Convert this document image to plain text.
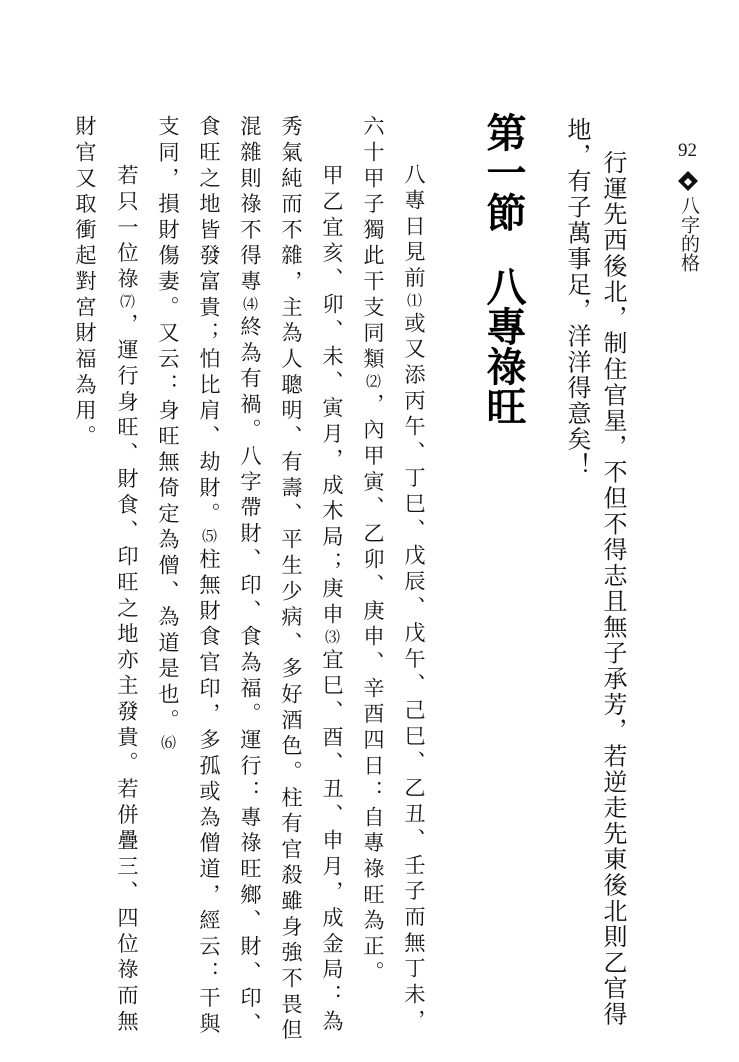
92
八字的格
行運先西後北，制住官星，不但不得志且無子承芳，若逆走先東後北則乙官得
地，有子萬事足，洋洋得意矣！
第一節八專祿旺
八專日見前⑴或又添丙午、丁巳、戊辰、戊午、己巳、乙丑、壬子而無丁未，
六十甲子獨此干支同類⑵，內甲寅、乙卯、庚申、辛酉四日：自專祿旺為正。
甲乙宜亥、卯、未、寅月，成木局；庚申⑶宜巳、酉、丑、申月，成金局：為
秀氣純而不雜，主為人聰明、有壽、平生少病、多好酒色。柱有官殺雖身強不畏但
混雜則祿不得專⑷終為有禍。八字帶財、印、食為福。運行：專祿旺鄉、財、印、
食旺之地皆發富貴；怕比肩、劫財。⑸柱無財食官印，多孤或為僧道，經云：干與
支同，損財傷妻。又云：身旺無倚定為僧、為道是也。⑹
若只一位祿⑺，運行身旺、財食、印旺之地亦主發貴。若併疊三、四位祿而無
財官又取衝起對宮財福為用。
